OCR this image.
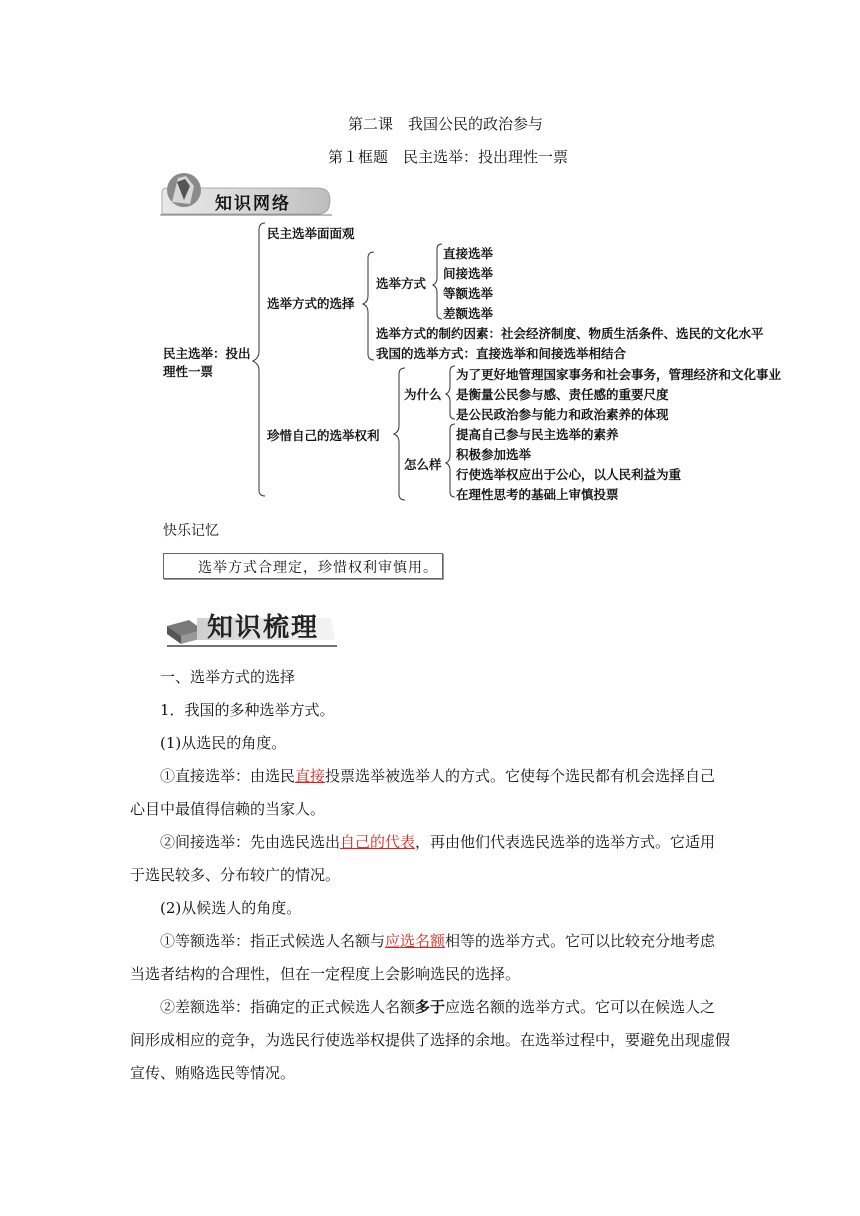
第二课　我国公民的政治参与
第１框题　民主选举：投出理性一票
知识网络
民主选举：投出
理性一票
民主选举面面观
选举方式的选择
选举方式
直接选举
间接选举
等额选举
差额选举
选举方式的制约因素：社会经济制度、物质生活条件、选民的文化水平
我国的选举方式：直接选举和间接选举相结合
珍惜自己的选举权利
为什么
为了更好地管理国家事务和社会事务，管理经济和文化事业
是衡量公民参与感、责任感的重要尺度
是公民政治参与能力和政治素养的体现
怎么样
提高自己参与民主选举的素养
积极参加选举
行使选举权应出于公心，以人民利益为重
在理性思考的基础上审慎投票
快乐记忆
选举方式合理定，珍惜权利审慎用。
知识梳理
一、选举方式的选择
1．我国的多种选举方式。
(1)从选民的角度。
①直接选举：由选民直接投票选举被选举人的方式。它使每个选民都有机会选择自己心目中最值得信赖的当家人。
②间接选举：先由选民选出自己的代表，再由他们代表选民选举的选举方式。它适用于选民较多、分布较广的情况。
(2)从候选人的角度。
①等额选举：指正式候选人名额与应选名额相等的选举方式。它可以比较充分地考虑当选者结构的合理性，但在一定程度上会影响选民的选择。
②差额选举：指确定的正式候选人名额多于应选名额的选举方式。它可以在候选人之间形成相应的竞争，为选民行使选举权提供了选择的余地。在选举过程中，要避免出现虚假宣传、贿赂选民等情况。
